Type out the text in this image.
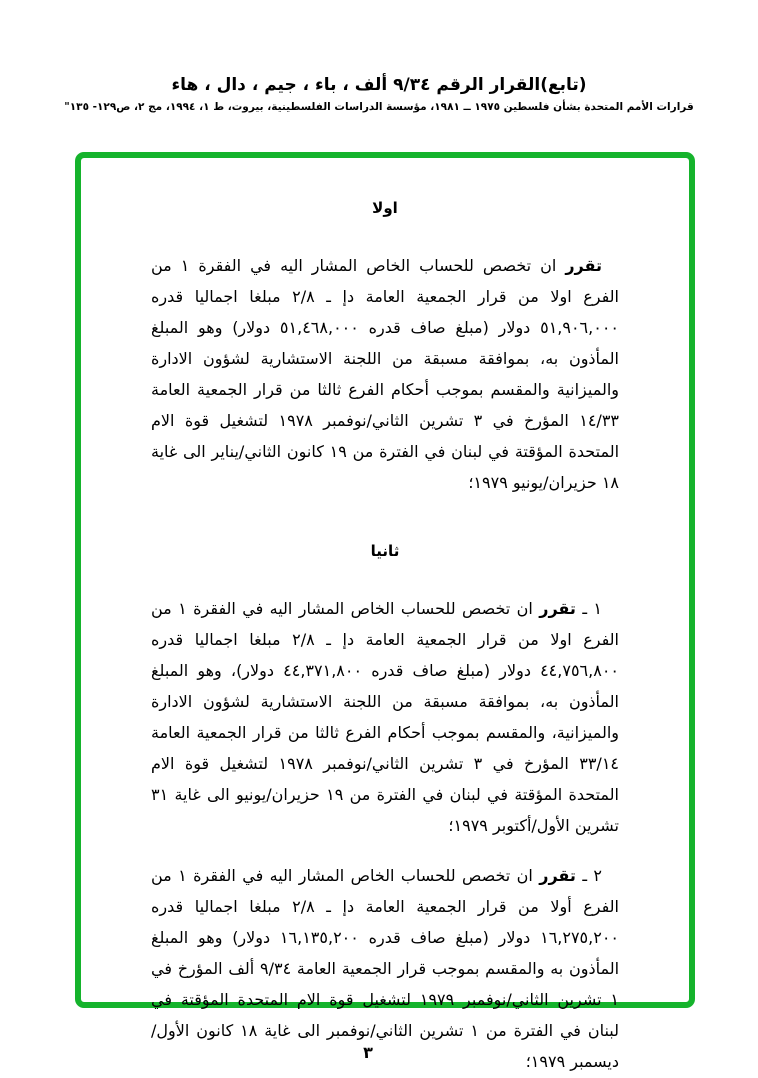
(تابع)القرار الرقم ٩/٣٤ ألف ، باء ، جيم ، دال ، هاء
قرارات الأمم المتحدة بشأن فلسطين ١٩٧٥ ــ ١٩٨١، مؤسسة الدراسات الفلسطينية، بيروت، ط ١، ١٩٩٤، مج ٢، ص١٢٩- ١٣٥"
اولا

تقرر ان تخصص للحساب الخاص المشار اليه في الفقرة ١ من الفرع اولا من قرار الجمعية العامة دإ ـ ٢/٨ مبلغا اجماليا قدره ٥١,٩٠٦,٠٠٠ دولار (مبلغ صاف قدره ٥١,٤٦٨,٠٠٠ دولار) وهو المبلغ المأذون به، بموافقة مسبقة من اللجنة الاستشارية لشؤون الادارة والميزانية والمقسم بموجب أحكام الفرع ثالثا من قرار الجمعية العامة ١٤/٣٣ المؤرخ في ٣ تشرين الثاني/نوفمبر ١٩٧٨ لتشغيل قوة الام المتحدة المؤقتة في لبنان في الفترة من ١٩ كانون الثاني/يناير الى غاية ١٨ حزيران/يونيو ١٩٧٩؛

ثانيا

١ ـ تقرر ان تخصص للحساب الخاص المشار اليه في الفقرة ١ من الفرع اولا من قرار الجمعية العامة دإ ـ ٢/٨ مبلغا اجماليا قدره ٤٤,٧٥٦,٨٠٠ دولار (مبلغ صاف قدره ٤٤,٣٧١,٨٠٠ دولار)، وهو المبلغ المأذون به، بموافقة مسبقة من اللجنة الاستشارية لشؤون الادارة والميزانية، والمقسم بموجب أحكام الفرع ثالثا من قرار الجمعية العامة ٣٣/١٤ المؤرخ في ٣ تشرين الثاني/نوفمبر ١٩٧٨ لتشغيل قوة الام المتحدة المؤقتة في لبنان في الفترة من ١٩ حزيران/يونيو الى غاية ٣١ تشرين الأول/أكتوبر ١٩٧٩؛

٢ ـ تقرر ان تخصص للحساب الخاص المشار اليه في الفقرة ١ من الفرع أولا من قرار الجمعية العامة دإ ـ ٢/٨ مبلغا اجماليا قدره ١٦,٢٧٥,٢٠٠ دولار (مبلغ صاف قدره ١٦,١٣٥,٢٠٠ دولار) وهو المبلغ المأذون به والمقسم بموجب قرار الجمعية العامة ٩/٣٤ ألف المؤرخ في ١ تشرين الثاني/نوفمبر ١٩٧٩ لتشغيل قوة الام المتحدة المؤقتة في لبنان في الفترة من ١ تشرين الثاني/نوفمبر الى غاية ١٨ كانون الأول/ديسمبر ١٩٧٩؛

٣
